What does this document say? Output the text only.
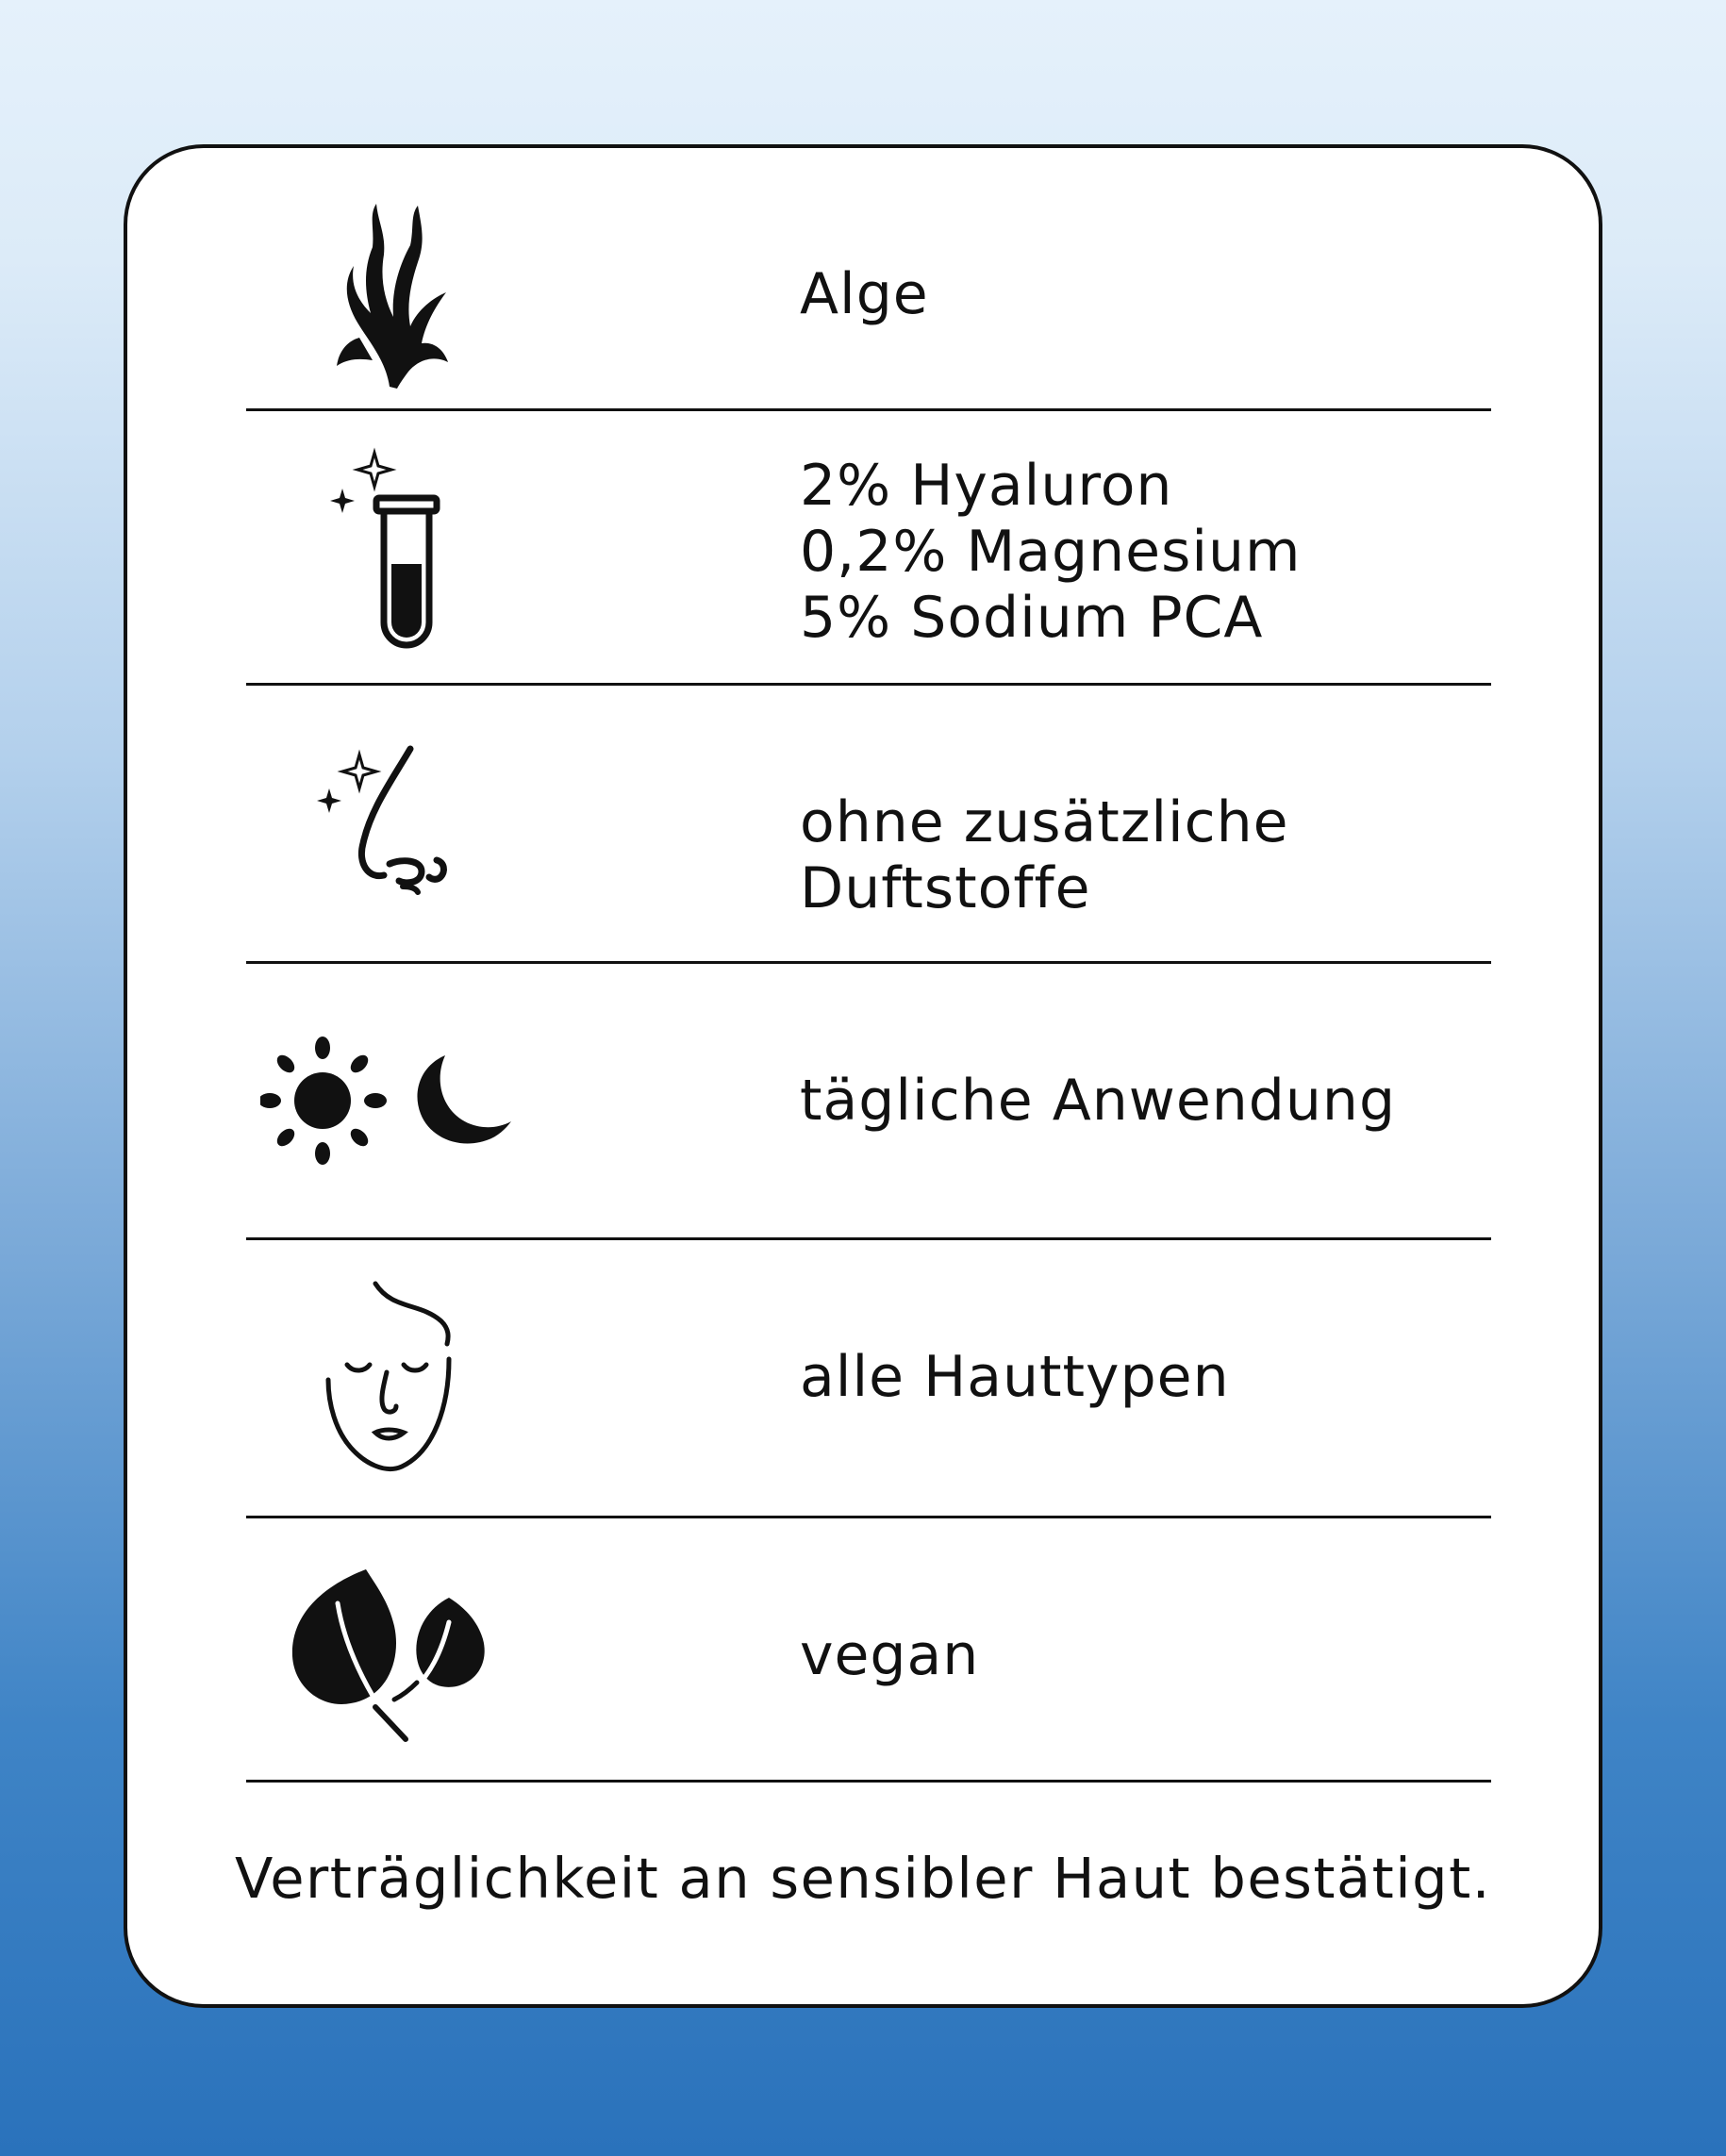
Alge
2% Hyaluron
0,2% Magnesium
5% Sodium PCA
ohne zusätzliche Duftstoffe
tägliche Anwendung
alle Hauttypen
vegan
Verträglichkeit an sensibler Haut bestätigt.
